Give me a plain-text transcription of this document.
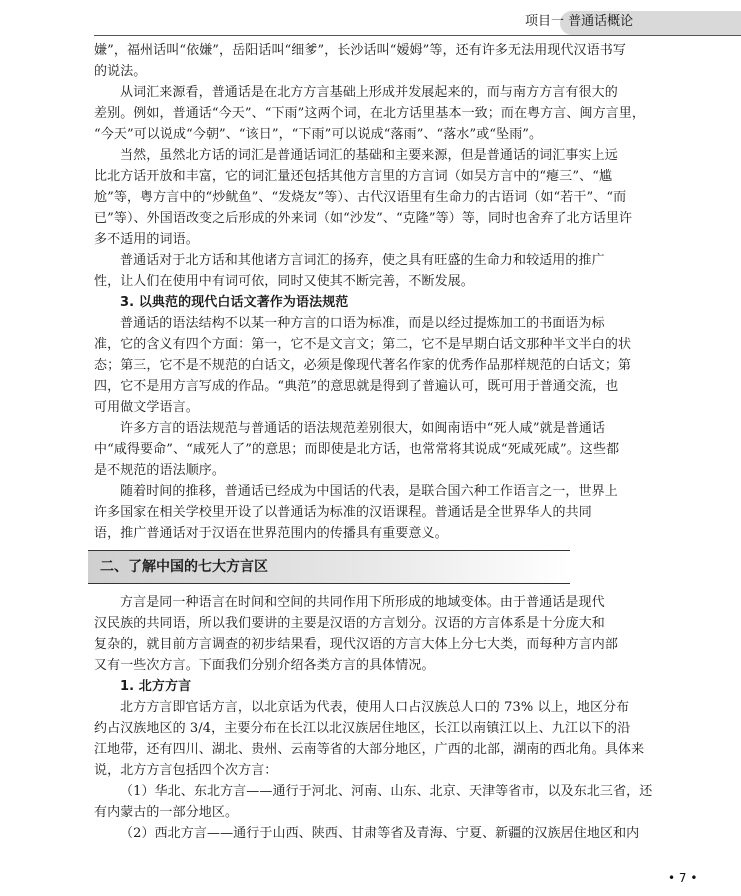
项目一 普通话概论
嫌”，福州话叫“依嫌”，岳阳话叫“细爹”，长沙话叫“嫒姆”等，还有许多无法用现代汉语书写
的说法。
从词汇来源看，普通话是在北方方言基础上形成并发展起来的，而与南方方言有很大的
差别。例如，普通话“今天”、“下雨”这两个词，在北方话里基本一致；而在粤方言、闽方言里，
“今天”可以说成“今朝”、“该日”，“下雨”可以说成“落雨”、“落水”或“坠雨”。
当然，虽然北方话的词汇是普通话词汇的基础和主要来源，但是普通话的词汇事实上远
比北方话开放和丰富，它的词汇量还包括其他方言里的方言词（如吴方言中的“瘪三”、“尴
尬”等，粤方言中的“炒鱿鱼”、“发烧友”等）、古代汉语里有生命力的古语词（如“若干”、“而
已”等）、外国语改变之后形成的外来词（如“沙发”、“克隆”等）等，同时也舍弃了北方话里许
多不适用的词语。
普通话对于北方话和其他诸方言词汇的扬弃，使之具有旺盛的生命力和较适用的推广
性，让人们在使用中有词可依，同时又使其不断完善，不断发展。
3. 以典范的现代白话文著作为语法规范
普通话的语法结构不以某一种方言的口语为标准，而是以经过提炼加工的书面语为标
准，它的含义有四个方面：第一，它不是文言文；第二，它不是早期白话文那种半文半白的状
态；第三，它不是不规范的白话文，必须是像现代著名作家的优秀作品那样规范的白话文；第
四，它不是用方言写成的作品。“典范”的意思就是得到了普遍认可，既可用于普通交流，也
可用做文学语言。
许多方言的语法规范与普通话的语法规范差别很大，如闽南语中“死人咸”就是普通话
中“咸得要命”、“咸死人了”的意思；而即使是北方话，也常常将其说成“死咸死咸”。这些都
是不规范的语法顺序。
随着时间的推移，普通话已经成为中国话的代表，是联合国六种工作语言之一，世界上
许多国家在相关学校里开设了以普通话为标准的汉语课程。普通话是全世界华人的共同
语，推广普通话对于汉语在世界范围内的传播具有重要意义。
二、了解中国的七大方言区
方言是同一种语言在时间和空间的共同作用下所形成的地域变体。由于普通话是现代
汉民族的共同语，所以我们要讲的主要是汉语的方言划分。汉语的方言体系是十分庞大和
复杂的，就目前方言调查的初步结果看，现代汉语的方言大体上分七大类，而每种方言内部
又有一些次方言。下面我们分别介绍各类方言的具体情况。
1. 北方方言
北方方言即官话方言，以北京话为代表，使用人口占汉族总人口的 73% 以上，地区分布
约占汉族地区的 3/4，主要分布在长江以北汉族居住地区，长江以南镇江以上、九江以下的沿
江地带，还有四川、湖北、贵州、云南等省的大部分地区，广西的北部，湖南的西北角。具体来
说，北方方言包括四个次方言：
（1）华北、东北方言——通行于河北、河南、山东、北京、天津等省市，以及东北三省，还
有内蒙古的一部分地区。
（2）西北方言——通行于山西、陕西、甘肃等省及青海、宁夏、新疆的汉族居住地区和内
• 7 •
